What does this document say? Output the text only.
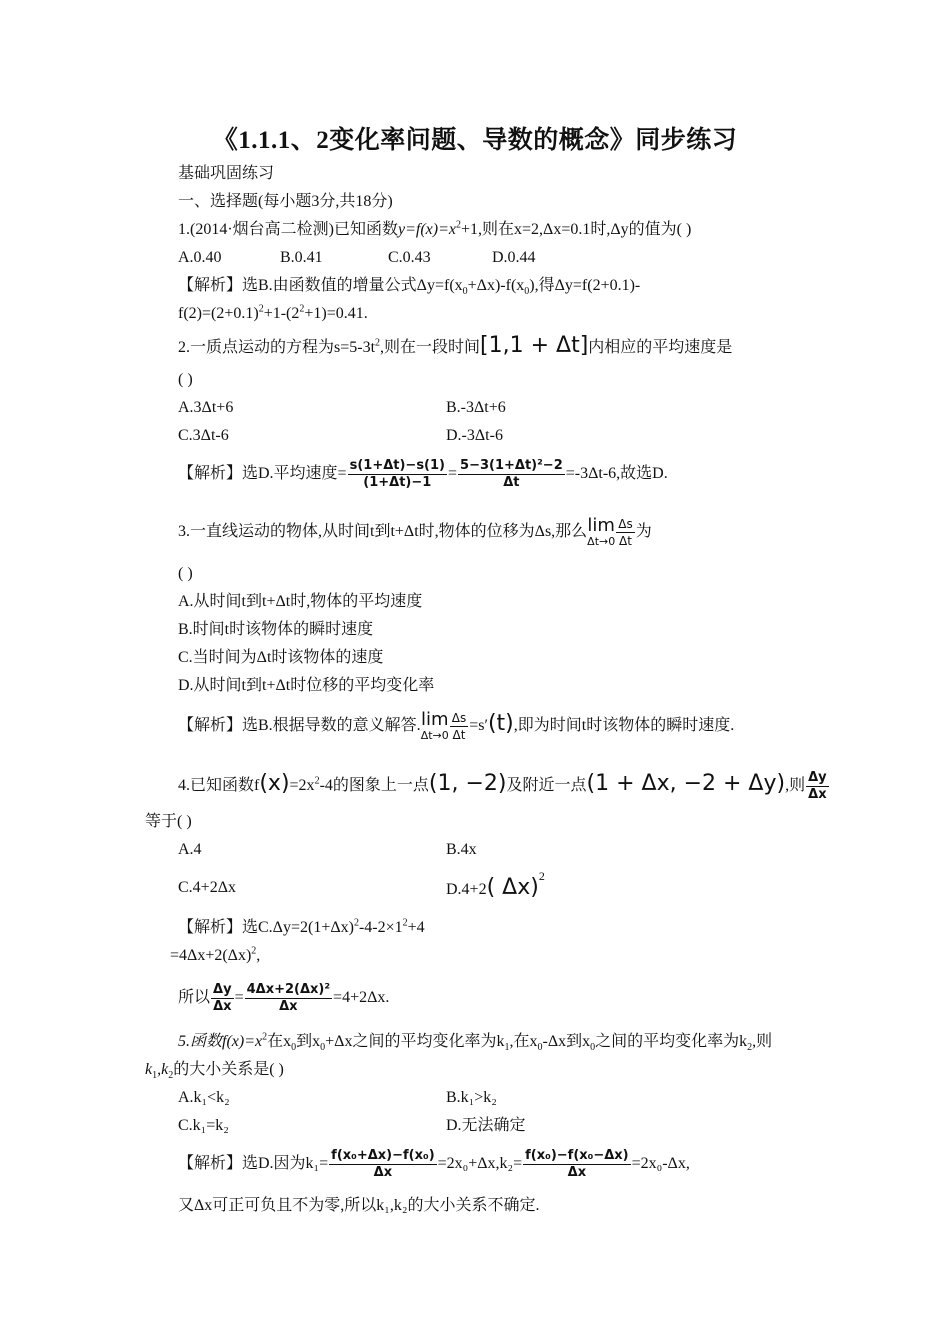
《1.1.1、2变化率问题、导数的概念》同步练习
基础巩固练习
一、选择题(每小题3分,共18分)
1.(2014·烟台高二检测)已知函数$y=f(x)=x^2+1$,则在x=2,Δx=0.1时,Δy的值为( )
A.0.40	B.0.41	C.0.43	D.0.44
【解析】选B.由函数值的增量公式$\Delta y=f(x_0+\Delta x)-f(x_0)$,得Δy=f(2+0.1)-
$f(2)=(2+0.1)^2+1-(2^2+1)=0.41$.
2.一质点运动的方程为$s=5-3t^2$,则在一段时间[1,1 + Δt]内相应的平均速度是
( )
A.3Δt+6	B.-3Δt+6
C.3Δt-6	D.-3Δt-6
【解析】选D.平均速度= $\frac{s(1+\Delta t)-s(1)}{(1+\Delta t)-1} = \frac{\text{5−3(1+Δt)²−2}}{\Delta t} =-3\Delta t-6$,故选D.
3.一直线运动的物体,从时间t到t+Δt时,物体的位移为Δs,那么 lim
$\Delta t\to 0 \frac{\Delta s}{\Delta t}$ 为
( )
A.从时间t到t+Δt时,物体的平均速度
B.时间t时该物体的瞬时速度
C.当时间为Δt时该物体的速度
D.从时间t到t+Δt时位移的平均变化率
【解析】选B.根据导数的意义解答. lim
$\Delta t\to 0 \frac{\Delta s}{\Delta t} =s'(t)$,即为时间t时该物体的瞬时速度.
4.已知函数$f(x)=2x^2-4$的图象上一点(1, −2)及附近一点(1 + Δx, −2 + Δy),则 $\frac{\Delta y}{\Delta x}$
等于( )
A.4	B.4x
C.4+2Δx	D.4+2( Δx)$^2$
【解析】选$C.\Delta y=2(1+\Delta x)^2-4-2\times 1^2+4$
$=4\Delta x+2(\Delta x)^2$,
所以 $\frac{\Delta y}{\Delta x} = \frac{\text{4Δx+2(Δx)²}}{\Delta x} =4+2\Delta x$.
5.函数$f(x)=x^2$在$x_0$到$x_0+\Delta x$之间的平均变化率为$k_1$,在$x_0-\Delta x$到$x_0$之间的平均变化率为$k_2$,则
$k_1,k_2$的大小关系是( )
A.k₁<k₂	B.k₁>k₂
C.k₁=k₂	D.无法确定
【解析】选D.因为$k_1= \frac{\text{f(x₀+Δx)−f(x₀)}}{\Delta x} =2x_0+\Delta x,k_2= \frac{\text{f(x₀)−f(x₀−Δx)}}{\Delta x} =2x_0-\Delta x$,
又Δx可正可负且不为零,所以k₁,k₂的大小关系不确定.
